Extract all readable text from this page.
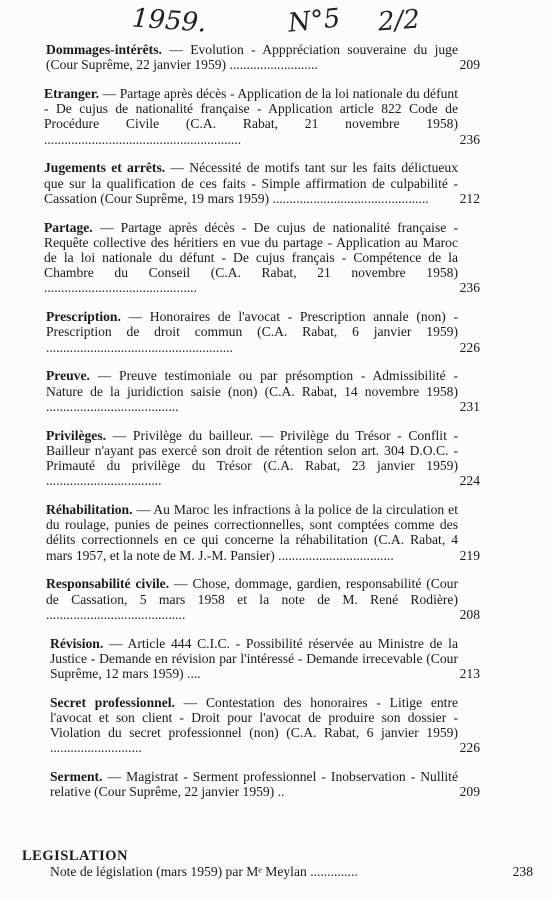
1959.	N°5 2/2
Dommages-intérêts. — Evolution - Apppréciation souveraine du juge (Cour Suprême, 22 janvier 1959) ..........................	209
Etranger. — Partage après décès - Application de la loi nationale du défunt - De cujus de nationalité française - Application article 822 Code de Procédure Civile (C.A. Rabat, 21 novembre 1958) ..........................................................	236
Jugements et arrêts. — Nécessité de motifs tant sur les faits délictueux que sur la qualification de ces faits - Simple affirmation de culpabilité - Cassation (Cour Suprême, 19 mars 1959) ..............................................	212
Partage. — Partage après décès - De cujus de nationalité française - Requête collective des héritiers en vue du partage - Application au Maroc de la loi nationale du défunt - De cujus français - Compétence de la Chambre du Conseil (C.A. Rabat, 21 novembre 1958) .............................................	236
Prescription. — Honoraires de l'avocat - Prescription annale (non) - Prescription de droit commun (C.A. Rabat, 6 janvier 1959) .......................................................	226
Preuve. — Preuve testimoniale ou par présomption - Admissibilité - Nature de la juridiction saisie (non) (C.A. Rabat, 14 novembre 1958) .......................................	231
Privilèges. — Privilège du bailleur. — Privilège du Trésor - Conflit - Bailleur n'ayant pas exercé son droit de rétention selon art. 304 D.O.C. - Primauté du privilège du Trésor (C.A. Rabat, 23 janvier 1959) ..................................	224
Réhabilitation. — Au Maroc les infractions à la police de la circulation et du roulage, punies de peines correctionnelles, sont comptées comme des délits correctionnels en ce qui concerne la réhabilitation (C.A. Rabat, 4 mars 1957, et la note de M. J.-M. Pansier) ..................................	219
Responsabilité civile. — Chose, dommage, gardien, responsabilité (Cour de Cassation, 5 mars 1958 et la note de M. René Rodière) .........................................	208
Révision. — Article 444 C.I.C. - Possibilité réservée au Ministre de la Justice - Demande en révision par l'intéressé - Demande irrecevable (Cour Suprême, 12 mars 1959) ....	213
Secret professionnel. — Contestation des honoraires - Litige entre l'avocat et son client - Droit pour l'avocat de produire son dossier - Violation du secret professionnel (non) (C.A. Rabat, 6 janvier 1959) ...........................	226
Serment. — Magistrat - Serment professionnel - Inobservation - Nullité relative (Cour Suprême, 22 janvier 1959) ..	209
LEGISLATION
Note de législation (mars 1959) par Mᵉ Meylan ..............	238
